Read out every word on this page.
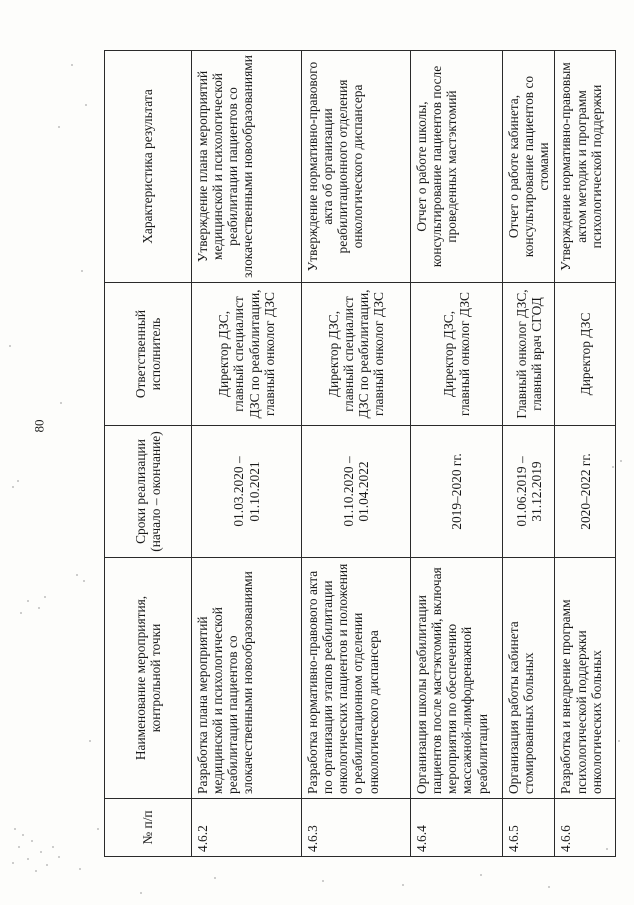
80
№ п/п	Наименование мероприятия, контрольной точки	Сроки реализации (начало – окончание)	Ответственный исполнитель	Характеристика результата
4.6.2	Разработка плана мероприятий медицинской и психологической реабилитации пациентов со злокачественными новообразованиями	01.03.2020 – 01.10.2021	Директор ДЗС, главный специалист ДЗС по реабилитации, главный онколог ДЗС	Утверждение плана мероприятий медицинской и психологической реабилитации пациентов со злокачественными новообразованиями
4.6.3	Разработка нормативно-правового акта по организации этапов реабилитации онкологических пациентов и положения о реабилитационном отделении онкологического диспансера	01.10.2020 – 01.04.2022	Директор ДЗС, главный специалист ДЗС по реабилитации, главный онколог ДЗС	Утверждение нормативно-правового акта об организации реабилитационного отделения онкологического диспансера
4.6.4	Организация школы реабилитации пациентов после мастэктомий, включая мероприятия по обеспечению массажной-лимфодренажной реабилитации	2019–2020 гг.	Директор ДЗС, главный онколог ДЗС	Отчет о работе школы, консультирование пациентов после проведенных мастэктомий
4.6.5	Организация работы кабинета стомированных больных	01.06.2019 – 31.12.2019	Главный онколог ДЗС, главный врач СГОД	Отчет о работе кабинета, консультирование пациентов со стомами
4.6.6	Разработка и внедрение программ психологической поддержки онкологических больных	2020–2022 гг.	Директор ДЗС	Утверждение нормативно-правовым актом методик и программ психологической поддержки
